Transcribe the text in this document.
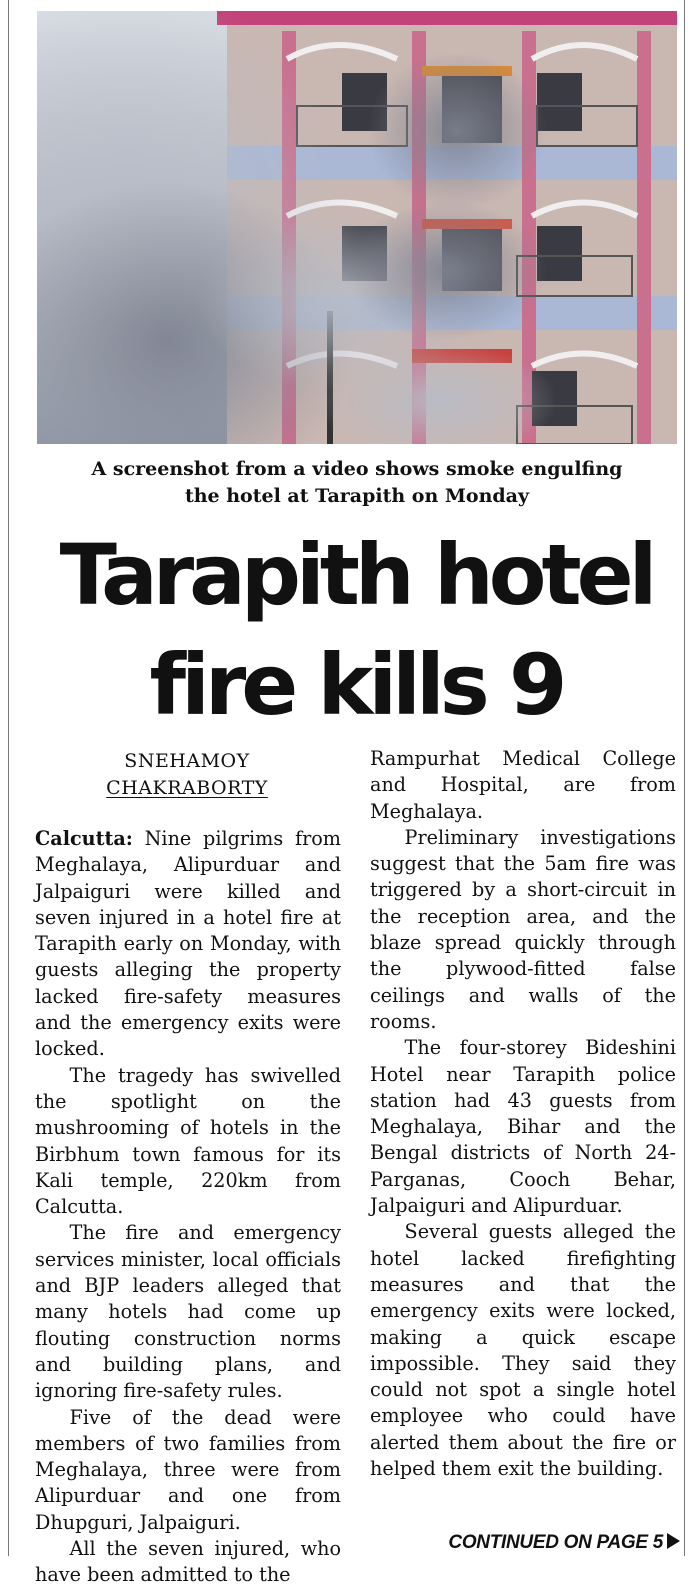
A screenshot from a video shows smoke engulfing
the hotel at Tarapith on Monday
Tarapith hotel
fire kills 9
SNEHAMOY
CHAKRABORTY

Calcutta: Nine pilgrims from Meghalaya, Alipurduar and Jalpaiguri were killed and seven injured in a hotel fire at Tarapith early on Monday, with guests alleging the property lacked fire-safety measures and the emergency exits were locked.

The tragedy has swivelled the spotlight on the mushrooming of hotels in the Birbhum town famous for its Kali temple, 220km from Calcutta.

The fire and emergency services minister, local officials and BJP leaders alleged that many hotels had come up flouting construction norms and building plans, and ignoring fire-safety rules.

Five of the dead were members of two families from Meghalaya, three were from Alipurduar and one from Dhupguri, Jalpaiguri.

All the seven injured, who have been admitted to the

Rampurhat Medical College and Hospital, are from Meghalaya.

Preliminary investigations suggest that the 5am fire was triggered by a short-circuit in the reception area, and the blaze spread quickly through the plywood-fitted false ceilings and walls of the rooms.

The four-storey Bideshini Hotel near Tarapith police station had 43 guests from Meghalaya, Bihar and the Bengal districts of North 24-Parganas, Cooch Behar, Jalpaiguri and Alipurduar.

Several guests alleged the hotel lacked firefighting measures and that the emergency exits were locked, making a quick escape impossible. They said they could not spot a single hotel employee who could have alerted them about the fire or helped them exit the building.

CONTINUED ON PAGE 5
